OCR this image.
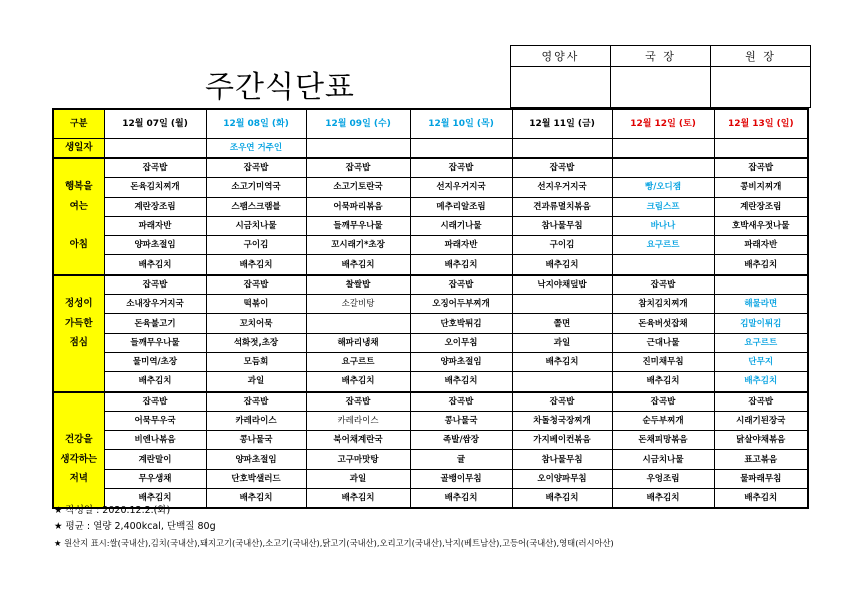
주간식단표
영양사	국 장	원 장

구분	12월 07일 (월)	12월 08일 (화)	12월 09일 (수)	12월 10일 (목)	12월 11일 (금)	12월 12일 (토)	12월 13일 (일)
생일자		조우연 거주인					
	잡곡밥	잡곡밥	잡곡밥	잡곡밥	잡곡밥		잡곡밥
행복을	돈육김치찌개	소고기미역국	소고기토란국	선지우거지국	선지우거지국	빵/오디잼	콩비지찌개
여는	계란장조림	스팸스크램블	어묵파리볶음	메추리알조림	견과류멸치볶음	크림스프	계란장조림
	파래자반	시금치나물	들깨무우나물	시래기나물	참나물무침	바나나	호박새우젓나물
아침	양파초절임	구이김	꼬시래기*초장	파래자반	구이김	요구르트	파래자반
	배추김치	배추김치	배추김치	배추김치	배추김치		배추김치
	잡곡밥	잡곡밥	찰쌀밥	잡곡밥	낙지야채덮밥	잡곡밥	
정성이	소내장우거지국	떡볶이	소갈비탕	오징어두부찌개		참치김치찌개	해물라면
가득한	돈육불고기	꼬치어묵		단호박튀김	쫄면	돈육버섯잡채	김말이튀김
점심	들깨무우나물	석화젓,초장	해파리냉채	오이무침	과일	근대나물	요구르트
	물미역/초장	모듬회	요구르트	양파초절임	배추김치	진미채무침	단무지
	배추김치	과일	배추김치	배추김치		배추김치	배추김치
	잡곡밥	잡곡밥	잡곡밥	잡곡밥	잡곡밥	잡곡밥	잡곡밥
	어묵무우국	카레라이스	카레라이스	콩나물국	차돌청국장찌개	순두부찌개	시래기된장국
건강을	비엔나볶음	콩나물국	북어채계란국	족발/쌈장	가지베이컨볶음	돈채피망볶음	닭살야채볶음
생각하는	계란말이	양파초절임	고구마맛탕	귤	참나물무침	시금치나물	표고볶음
저녁	무우생채	단호박샐러드	과일	골뱅이무침	오이양파무침	우엉조림	물파래무침
	배추김치	배추김치	배추김치	배추김치	배추김치	배추김치	배추김치
★ 작성일 : 2020.12.2.(화)
★ 평균 : 열량 2,400kcal, 단백질 80g
★ 원산지 표시:쌀(국내산),김치(국내산),돼지고기(국내산),소고기(국내산),닭고기(국내산),오리고기(국내산),낙지(베트남산),고등어(국내산),영태(러시아산)
